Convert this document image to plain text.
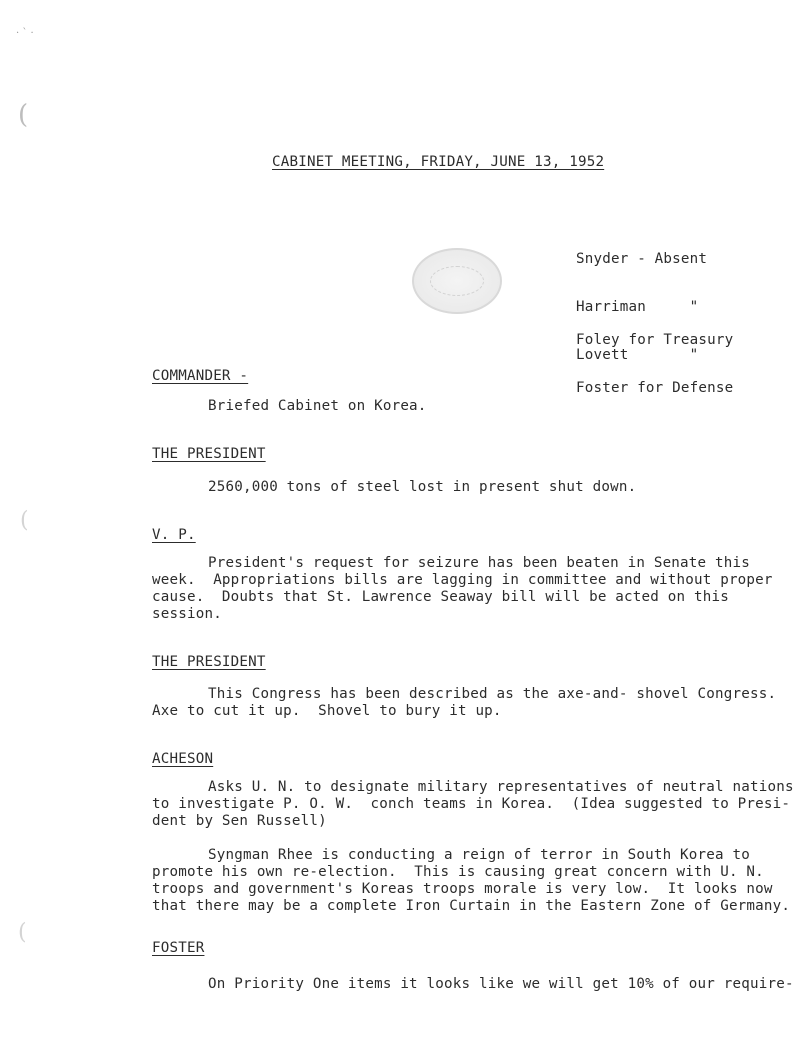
(
(
(
· ˋ ·
CABINET MEETING, FRIDAY, JUNE 13, 1952

Snyder - Absent

Harriman     "

Lovett       "

Foley for Treasury

Foster for Defense

COMMANDER -
Briefed Cabinet on Korea.
THE PRESIDENT
2560,000 tons of steel lost in present shut down.
V. P.
President's request for seizure has been beaten in Senate this
week.  Appropriations bills are lagging in committee and without proper
cause.  Doubts that St. Lawrence Seaway bill will be acted on this
session.
THE PRESIDENT
This Congress has been described as the axe-and- shovel Congress.
Axe to cut it up.  Shovel to bury it up.
ACHESON
Asks U. N. to designate military representatives of neutral nations
to investigate P. O. W.  conch teams in Korea.  (Idea suggested to Presi-
dent by Sen Russell)
Syngman Rhee is conducting a reign of terror in South Korea to
promote his own re-election.  This is causing great concern with U. N.
troops and government's Koreas troops morale is very low.  It looks now
that there may be a complete Iron Curtain in the Eastern Zone of Germany.
FOSTER
On Priority One items it looks like we will get 10% of our require-
